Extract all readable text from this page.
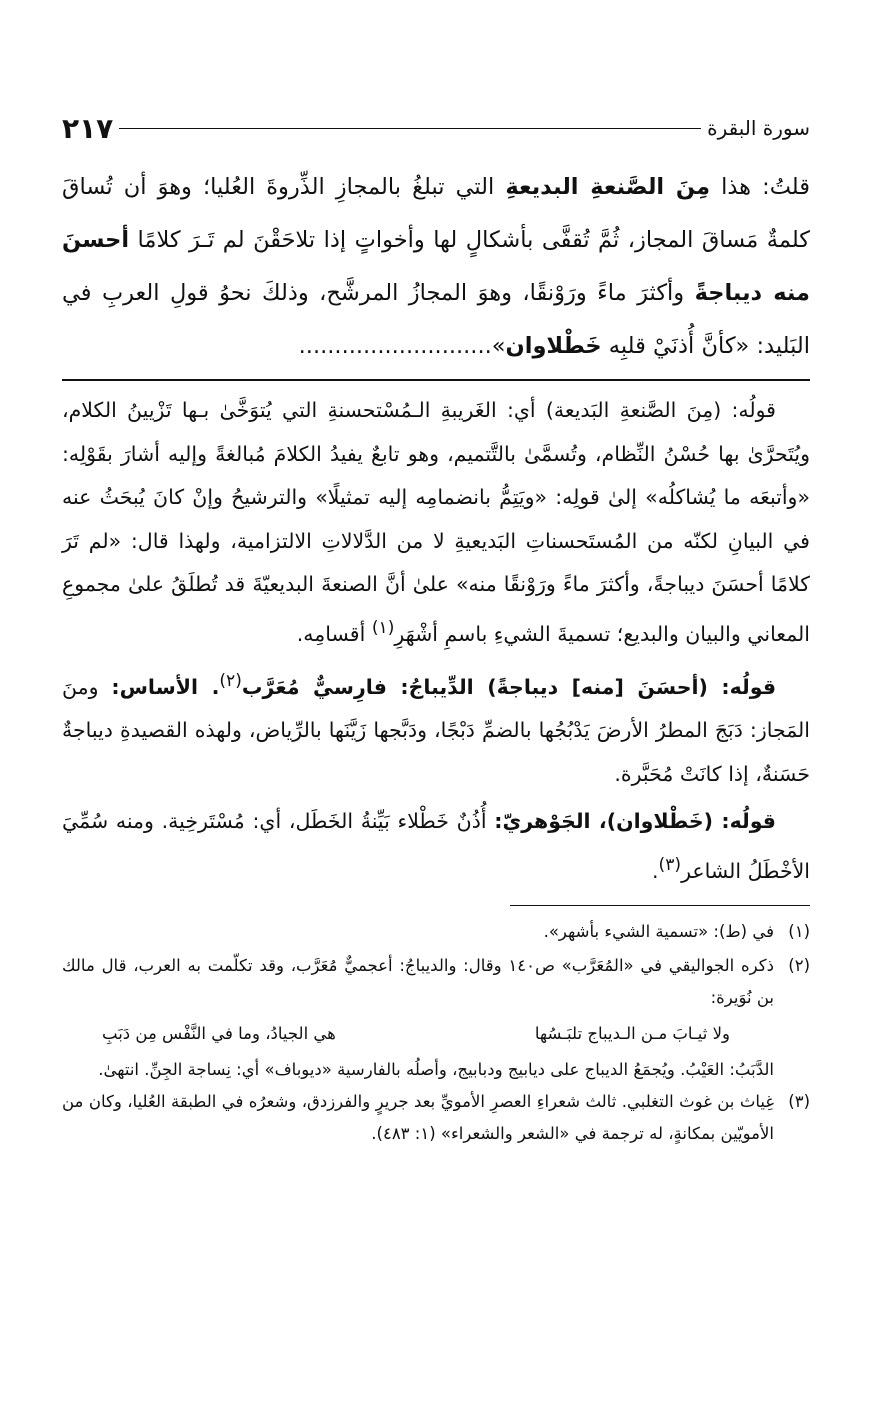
سورة البقرة
٢١٧

قلتُ: هذا مِنَ الصَّنعةِ البديعةِ التي تبلغُ بالمجازِ الذِّروةَ العُليا؛ وهوَ أن تُساقَ كلمةٌ مَساقَ المجاز، ثُمَّ تُقفَّى بأشكالٍ لها وأخواتٍ إذا تلاحَقْنَ لم تَـرَ كلامًا أحسنَ منه ديباجةً وأكثرَ ماءً ورَوْنقًا، وهوَ المجازُ المرشَّح، وذلكَ نحوُ قولِ العربِ في البَليد: «كأنَّ أُذنَيْ قلبِه خَطْلاوان»...........................

قولُه: (مِنَ الصَّنعةِ البَديعة) أي: الغَريبةِ الـمُسْتحسنةِ التي يُتوَخَّىٰ بـها تَزْيينُ الكلام، ويُتَحرَّىٰ بها حُسْنُ النِّظام، وتُسمَّىٰ بالتَّتميم، وهو تابعٌ يفيدُ الكلامَ مُبالغةً وإليه أشارَ بقَوْلِه: «وأتبعَه ما يُشاكلُه» إلىٰ قولِه: «ويَتِمُّ بانضمامِه إليه تمثيلًا» والترشيحُ وإنْ كانَ يُبحَثُ عنه في البيانِ لكنّه من المُستَحسناتِ البَديعيةِ لا من الدَّلالاتِ الالتزامية، ولهذا قال: «لم تَرَ كلامًا أحسَنَ ديباجةً، وأكثرَ ماءً ورَوْنقًا منه» علىٰ أنَّ الصنعةَ البديعيّةَ قد تُطلَقُ علىٰ مجموعِ المعاني والبيان والبديع؛ تسميةَ الشيءِ باسمِ أشْهَرِ$^{(١)}$ أقسامِه.

قولُه: (أحسَنَ [منه] ديباجةً) الدِّيباجُ: فارِسيٌّ مُعَرَّب$^{(٢)}$. الأساس: ومنَ المَجاز: دَبَجَ المطرُ الأرضَ يَدْبُجُها بالضمِّ دَبْجًا، ودَبَّجها زَيَّنَها بالرِّياض، ولهذه القصيدةِ ديباجةٌ حَسَنةٌ، إذا كانَتْ مُحَبَّرة.

قولُه: (خَطْلاوان)، الجَوْهريّ: أُذُنٌ خَطْلاء بَيِّنةُ الخَطَل، أي: مُسْتَرخِية. ومنه سُمِّيَ الأخْطَلُ الشاعر$^{(٣)}$.

(١)
في (ط): «تسمية الشيء بأشهر».
(٢)
ذكره الجواليقي في «المُعَرَّب» ص١٤٠ وقال: والديباجُ: أعجميٌّ مُعَرَّب، وقد تكلّمت به العرب، قال مالك بن نُوَيرة:
ولا ثيـابَ مـن الـديباج تلبَـسُها
هي الجيادُ، وما في النَّفْس مِن دَبَبِ
الدَّبَبُ: العَيْبُ. ويُجمَعُ الديباج على ديابيج ودبابيج، وأصلُه بالفارسية «ديوباف» أي: نِساجة الجِنِّ. انتهىٰ.
(٣)
غِياث بن غوث التغلبي. ثالث شعراءِ العصرِ الأمويِّ بعد جريرٍ والفرزدق، وشعرُه في الطبقة العُليا، وكان من الأمويّين بمكانةٍ، له ترجمة في «الشعر والشعراء» (١: ٤٨٣).
